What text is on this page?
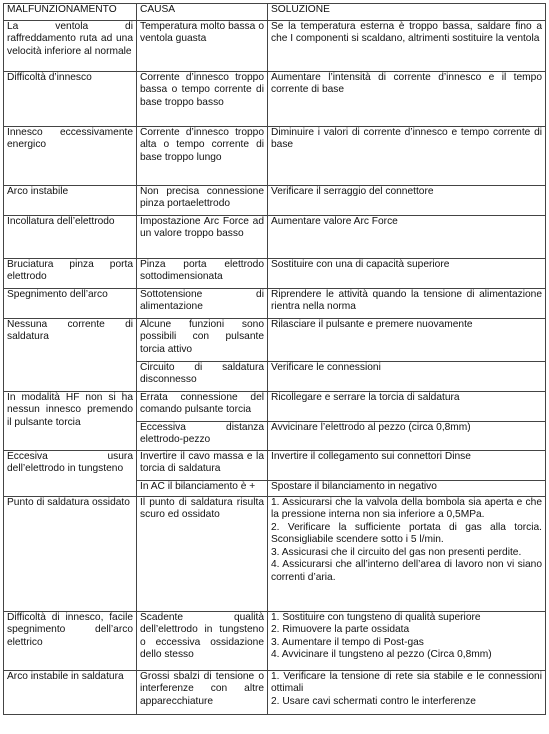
MALFUNZIONAMENTO	CAUSA	SOLUZIONE
La ventola di raffreddamento ruta ad una velocità inferiore al normale	Temperatura molto bassa o ventola guasta	Se la temperatura esterna è troppo bassa, saldare fino a che I componenti si scaldano, altrimenti sostituire la ventola
Difficoltà d’innesco	Corrente d’innesco troppo bassa o tempo corrente di base troppo basso	Aumentare l’intensità di corrente d’innesco e il tempo corrente di base
Innesco eccessivamente energico	Corrente d’innesco troppo alta o tempo corrente di base troppo lungo	Diminuire i valori di corrente d’innesco e tempo corrente di base
Arco instabile	Non precisa connessione pinza portaelettrodo	Verificare il serraggio del connettore
Incollatura dell’elettrodo	Impostazione Arc Force ad un valore troppo basso	Aumentare valore Arc Force
Bruciatura pinza porta elettrodo	Pinza porta elettrodo sottodimensionata	Sostituire con una di capacità superiore
Spegnimento dell’arco	Sottotensione di alimentazione	Riprendere le attività quando la tensione di alimentazione rientra nella norma
Nessuna corrente di saldatura	Alcune funzioni sono possibili con pulsante torcia attivo	Rilasciare il pulsante e premere nuovamente
	Circuito di saldatura disconnesso	Verificare le connessioni
In modalità HF non si ha nessun innesco premendo il pulsante torcia	Errata connessione del comando pulsante torcia	Ricollegare e serrare la torcia di saldatura
	Eccessiva distanza elettrodo-pezzo	Avvicinare l’elettrodo al pezzo (circa 0,8mm)
Eccesiva usura dell’elettrodo in tungsteno	Invertire il cavo massa e la torcia di saldatura	Invertire il collegamento sui connettori Dinse
	In AC il bilanciamento è +	Spostare il bilanciamento in negativo
Punto di saldatura ossidato	Il punto di saldatura risulta scuro ed ossidato	1. Assicurarsi che la valvola della bombola sia aperta e che la pressione interna non sia inferiore a 0,5MPa.
2. Verificare la sufficiente portata di gas alla torcia. Sconsigliabile scendere sotto i 5 l/min.
3. Assicurasi che il circuito del gas non presenti perdite.
4. Assicurarsi che all’interno dell’area di lavoro non vi siano correnti d’aria.

Difficoltà di innesco, facile spegnimento dell’arco elettrico	Scadente qualità dell’elettrodo in tungsteno o eccessiva ossidazione dello stesso	1. Sostituire con tungsteno di qualità superiore
2. Rimuovere la parte ossidata
3. Aumentare il tempo di Post-gas
4. Avvicinare il tungsteno al pezzo (Circa 0,8mm)

Arco instabile in saldatura	Grossi sbalzi di tensione o interferenze con altre apparecchiature	1. Verificare la tensione di rete sia stabile e le connessioni ottimali
2. Usare cavi schermati contro le interferenze
